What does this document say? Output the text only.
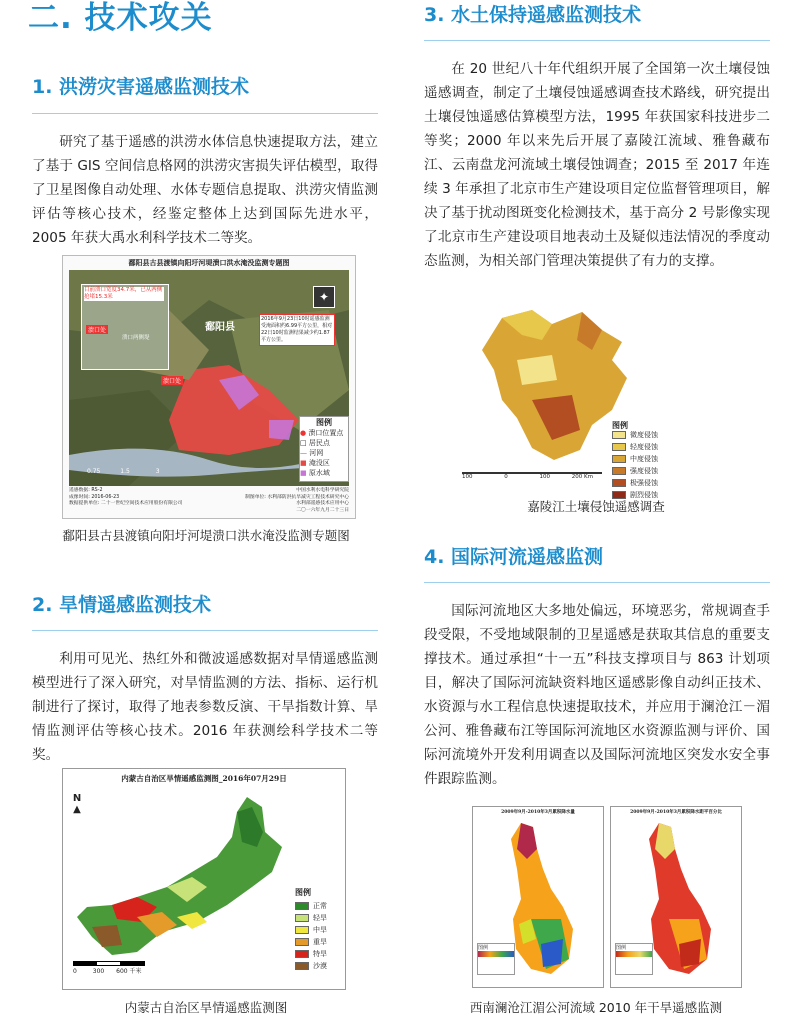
二. 技术攻关
1. 洪涝灾害遥感监测技术

研究了基于遥感的洪涝水体信息快速提取方法，建立了基于 GIS 空间信息格网的洪涝灾害损失评估模型，取得了卫星图像自动处理、水体专题信息提取、洪涝灾情监测评估等核心技术，经鉴定整体上达到国际先进水平，2005 年获大禹水利科学技术二等奖。

鄱阳县古县渡镇向阳圩河堤溃口洪水淹没监测专题图
目前溃口宽度34.7米，已从两侧抢堵15.3米
溃口处
溃口两侧堤
✦
鄱阳县
2016年9月23日10时遥感监测受淹面积约6.99平方公里，相对22日10时监测结果减少约1.87平方公里。
溃口处
图例
● 溃口位置点
□ 居民点
— 河网
■ 淹没区
■ 原水域
0.75	1.5	3
遥感数据: RS-2
成像时间: 2016-06-23
数据提供单位: 二十一世纪空间技术应用股份有限公司
中国水利水电科学研究院
制图单位: 水利部防洪抗旱减灾工程技术研究中心
水利部遥感技术应用中心
二〇一六年九月二十三日
鄱阳县古县渡镇向阳圩河堤溃口洪水淹没监测专题图
2. 旱情遥感监测技术

利用可见光、热红外和微波遥感数据对旱情遥感监测模型进行了深入研究，对旱情监测的方法、指标、运行机制进行了探讨，取得了地表参数反演、干旱指数计算、旱情监测评估等核心技术。2016 年获测绘科学技术二等奖。

内蒙古自治区旱情遥感监测图_2016年07月29日
N
▲
图例
正常
轻旱
中旱
重旱
特旱
沙漠
0	300 600 千米
内蒙古自治区旱情遥感监测图
3. 水土保持遥感监测技术

在 20 世纪八十年代组织开展了全国第一次土壤侵蚀遥感调查，制定了土壤侵蚀遥感调查技术路线，研究提出土壤侵蚀遥感估算模型方法，1995 年获国家科技进步二等奖；2000 年以来先后开展了嘉陵江流域、雅鲁藏布江、云南盘龙河流域土壤侵蚀调查；2015 至 2017 年连续 3 年承担了北京市生产建设项目定位监督管理项目，解决了基于扰动图斑变化检测技术，基于高分 2 号影像实现了北京市生产建设项目地表动土及疑似违法情况的季度动态监测，为相关部门管理决策提供了有力的支撑。

图例
微度侵蚀
轻度侵蚀
中度侵蚀
强度侵蚀
极强侵蚀
剧烈侵蚀
100	0	100	200 Km
嘉陵江土壤侵蚀遥感调查
4. 国际河流遥感监测

国际河流地区大多地处偏远，环境恶劣，常规调查手段受限，不受地域限制的卫星遥感是获取其信息的重要支撑技术。通过承担“十一五”科技支撑项目与 863 计划项目，解决了国际河流缺资料地区遥感影像自动纠正技术、水资源与水工程信息快速提取技术，并应用于澜沧江－湄公河、雅鲁藏布江等国际河流地区水资源监测与评价、国际河流境外开发利用调查以及国际河流地区突发水安全事件跟踪监测。

2009年9月-2010年3月累积降水量
图例
2009年9月-2010年3月累积降水距平百分比
图例
西南澜沧江湄公河流域 2010 年干旱遥感监测
